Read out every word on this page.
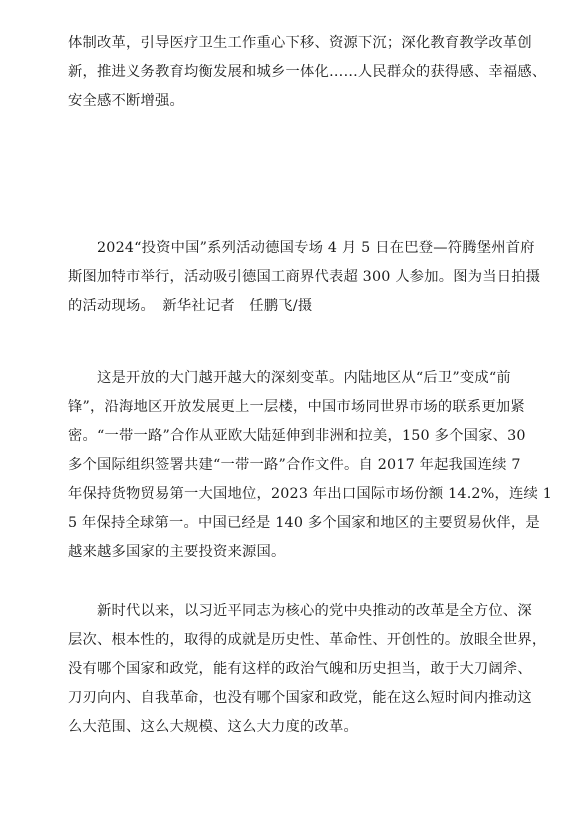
体制改革，引导医疗卫生工作重心下移、资源下沉；深化教育教学改革创
新，推进义务教育均衡发展和城乡一体化……人民群众的获得感、幸福感、
安全感不断增强。

　　2024“投资中国”系列活动德国专场 4 月 5 日在巴登—符腾堡州首府
斯图加特市举行，活动吸引德国工商界代表超 300 人参加。图为当日拍摄
的活动现场。　新华社记者　任鹏飞/摄

　　这是开放的大门越开越大的深刻变革。内陆地区从“后卫”变成“前
锋”，沿海地区开放发展更上一层楼，中国市场同世界市场的联系更加紧
密。“一带一路”合作从亚欧大陆延伸到非洲和拉美，150 多个国家、30
多个国际组织签署共建“一带一路”合作文件。自 2017 年起我国连续 7
年保持货物贸易第一大国地位，2023 年出口国际市场份额 14.2%，连续 1
5 年保持全球第一。中国已经是 140 多个国家和地区的主要贸易伙伴，是
越来越多国家的主要投资来源国。

　　新时代以来，以习近平同志为核心的党中央推动的改革是全方位、深
层次、根本性的，取得的成就是历史性、革命性、开创性的。放眼全世界，
没有哪个国家和政党，能有这样的政治气魄和历史担当，敢于大刀阔斧、
刀刃向内、自我革命，也没有哪个国家和政党，能在这么短时间内推动这
么大范围、这么大规模、这么大力度的改革。
